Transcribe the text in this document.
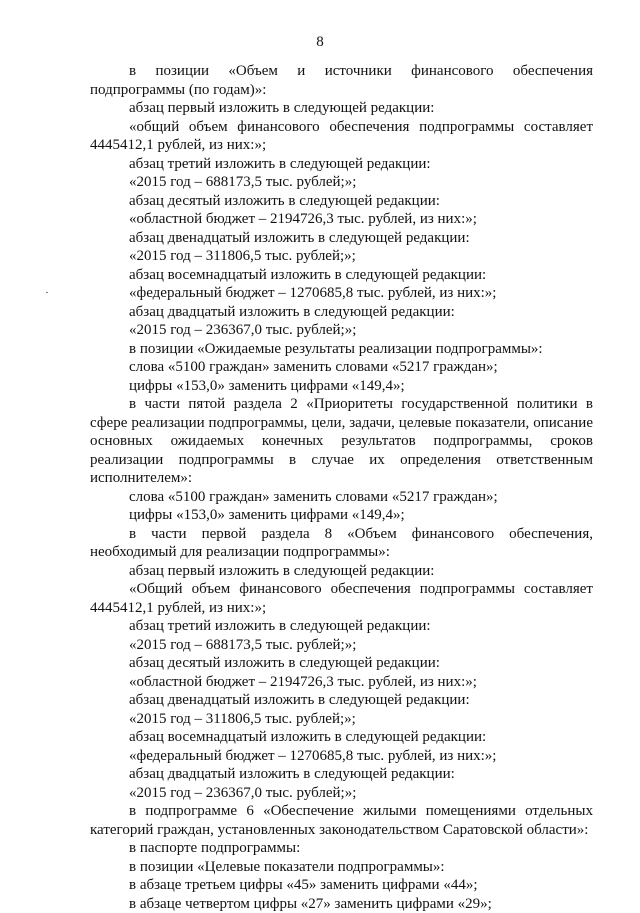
8

в позиции «Объем и источники финансового обеспечения подпрограммы (по годам)»:

абзац первый изложить в следующей редакции:

«общий объем финансового обеспечения подпрограммы составляет 4445412,1 рублей, из них:»;

абзац третий изложить в следующей редакции:

«2015 год – 688173,5 тыс. рублей;»;

абзац десятый изложить в следующей редакции:

«областной бюджет – 2194726,3 тыс. рублей, из них:»;

абзац двенадцатый изложить в следующей редакции:

«2015 год – 311806,5 тыс. рублей;»;

абзац восемнадцатый изложить в следующей редакции:

«федеральный бюджет – 1270685,8 тыс. рублей, из них:»;

абзац двадцатый изложить в следующей редакции:

«2015 год – 236367,0 тыс. рублей;»;

в позиции «Ожидаемые результаты реализации подпрограммы»:

слова «5100 граждан» заменить словами «5217 граждан»;

цифры «153,0» заменить цифрами «149,4»;

в части пятой раздела 2 «Приоритеты государственной политики в сфере реализации подпрограммы, цели, задачи, целевые показатели, описание основных ожидаемых конечных результатов подпрограммы, сроков реализации подпрограммы в случае их определения ответственным исполнителем»:

слова «5100 граждан» заменить словами «5217 граждан»;

цифры «153,0» заменить цифрами «149,4»;

в части первой раздела 8 «Объем финансового обеспечения, необходимый для реализации подпрограммы»:

абзац первый изложить в следующей редакции:

«Общий объем финансового обеспечения подпрограммы составляет 4445412,1 рублей, из них:»;

абзац третий изложить в следующей редакции:

«2015 год – 688173,5 тыс. рублей;»;

абзац десятый изложить в следующей редакции:

«областной бюджет – 2194726,3 тыс. рублей, из них:»;

абзац двенадцатый изложить в следующей редакции:

«2015 год – 311806,5 тыс. рублей;»;

абзац восемнадцатый изложить в следующей редакции:

«федеральный бюджет – 1270685,8 тыс. рублей, из них:»;

абзац двадцатый изложить в следующей редакции:

«2015 год – 236367,0 тыс. рублей;»;

в подпрограмме 6 «Обеспечение жилыми помещениями отдельных категорий граждан, установленных законодательством Саратовской области»:

в паспорте подпрограммы:

в позиции «Целевые показатели подпрограммы»:

в абзаце третьем цифры «45» заменить цифрами «44»;

в абзаце четвертом цифры «27» заменить цифрами «29»;
